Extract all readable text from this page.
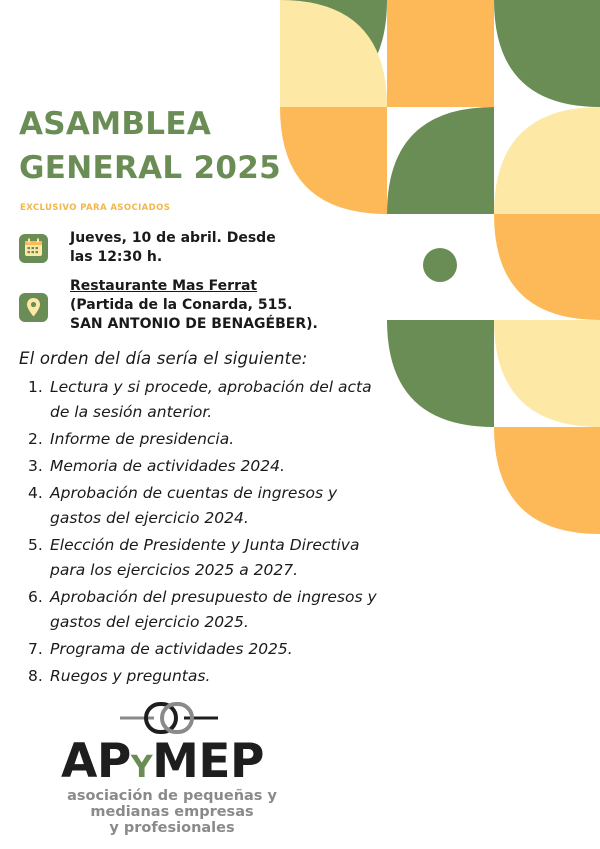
ASAMBLEA
GENERAL 2025
EXCLUSIVO PARA ASOCIADOS
Jueves, 10 de abril. Desde
las 12:30 h.
Restaurante Mas Ferrat
(Partida de la Conarda, 515.
SAN ANTONIO DE BENAGÉBER).
El orden del día sería el siguiente:
1. Lectura y si procede, aprobación del acta
de la sesión anterior.
2. Informe de presidencia.
3. Memoria de actividades 2024.
4. Aprobación de cuentas de ingresos y
gastos del ejercicio 2024.
5. Elección de Presidente y Junta Directiva
para los ejercicios 2025 a 2027.
6. Aprobación del presupuesto de ingresos y
gastos del ejercicio 2025.
7. Programa de actividades 2025.
8. Ruegos y preguntas.
APYMEP
asociación de pequeñas y
medianas empresas
y profesionales
